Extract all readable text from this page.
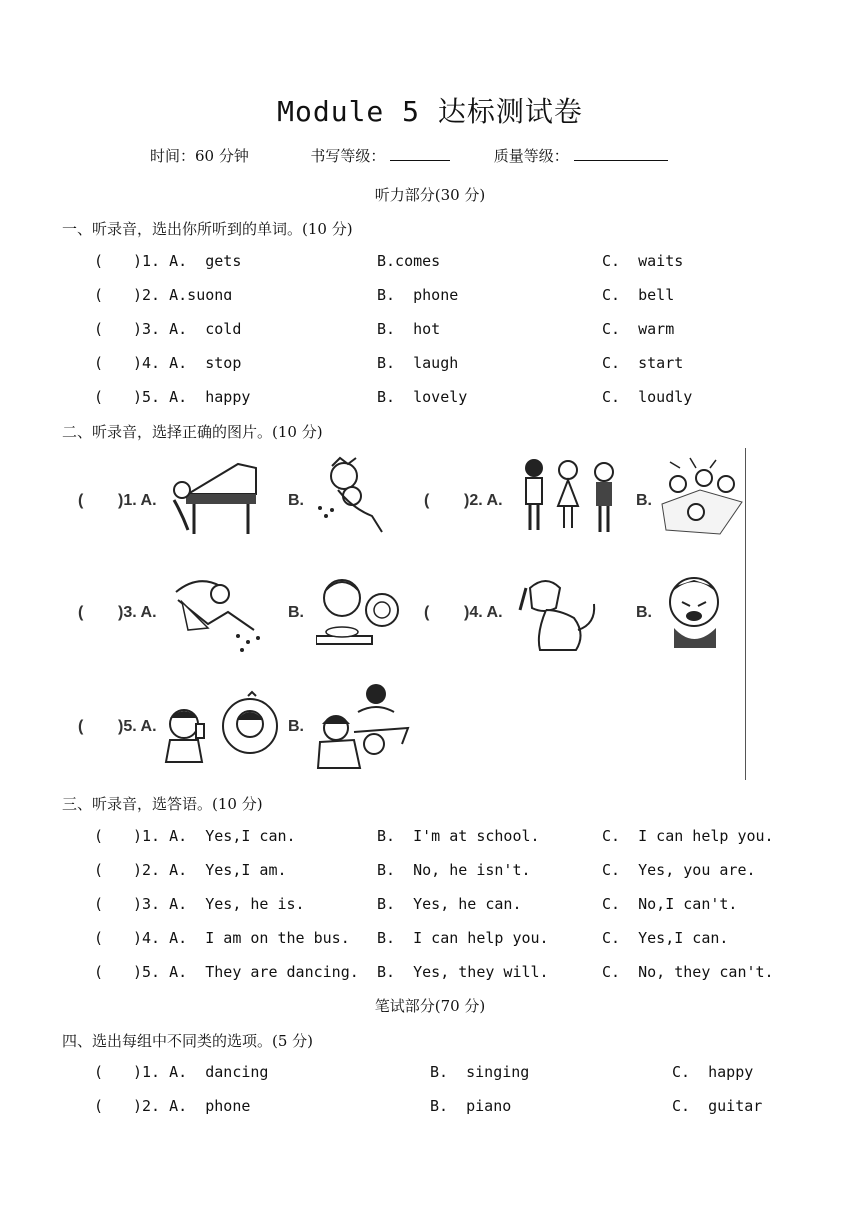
Module 5 达标测试卷
时间：60 分钟	书写等级：	质量等级：
听力部分(30 分)
一、听录音，选出你所听到的单词。(10 分)
( )1. A.  gets	B.comes	C.  waits
( )2. A.suonɑ	B.  phone	C.  bell
( )3. A.  cold	B.  hot	C.  warm
( )4. A.  stop	B.  laugh	C.  start
( )5. A.  happy	B.  lovely	C.  loudly
二、听录音，选择正确的图片。(10 分)
( )1. A.	B.	( )2. A.	B.
( )3. A.	B.	( )4. A.	B.
( )5. A.	B.
三、听录音，选答语。(10 分)
( )1. A.  Yes,I can.	B.  I'm at school.	C.  I can help you.
( )2. A.  Yes,I am.	B.  No, he isn't.	C.  Yes, you are.
( )3. A.  Yes, he is.	B.  Yes, he can.	C.  No,I can't.
( )4. A.  I am on the bus. B.  I can help you.	C.  Yes,I can.
( )5. A.  They are dancing. B.  Yes, they will.	C.  No, they can't.
笔试部分(70 分)
四、选出每组中不同类的选项。(5 分)
( )1. A.  dancing	B.  singing	C.  happy
( )2. A.  phone	B.  piano	C.  guitar
